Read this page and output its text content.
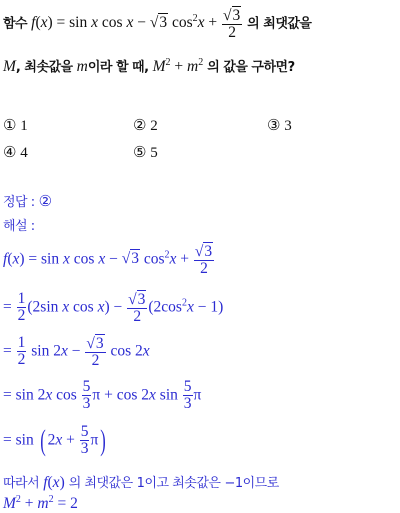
함수 f(x) = sin x cos x − √3 $\cos^2x + \frac{√3}{2}$ 의 최댓값을
M, 최솟값을 m이라 할 때, $M^2 + m^2$ 의 값을 구하면?
① 1	② 2	③ 3
④ 4	⑤ 5
정답 : ②
해설 :
f(x) = sin x cos x − √3 $\cos^2x + \frac{√3}{2}$
= $\frac{1}{2} (2\sin$ x $\cos x) - \frac{√3}{2} (2\cos^2x - 1)$
= $\frac{1}{2}$ $\sin 2x - \frac{√3}{2}$ cos 2x
= sin 2x $\cos \frac{5}{3}$ π + cos 2x $\sin \frac{5}{3}$ π
= sin ( $2x + \frac{5}{3} \pi$)
따라서 f(x) 의 최댓값은 1이고 최솟값은 −1이므로
$M^2 + m^2 = 2$
